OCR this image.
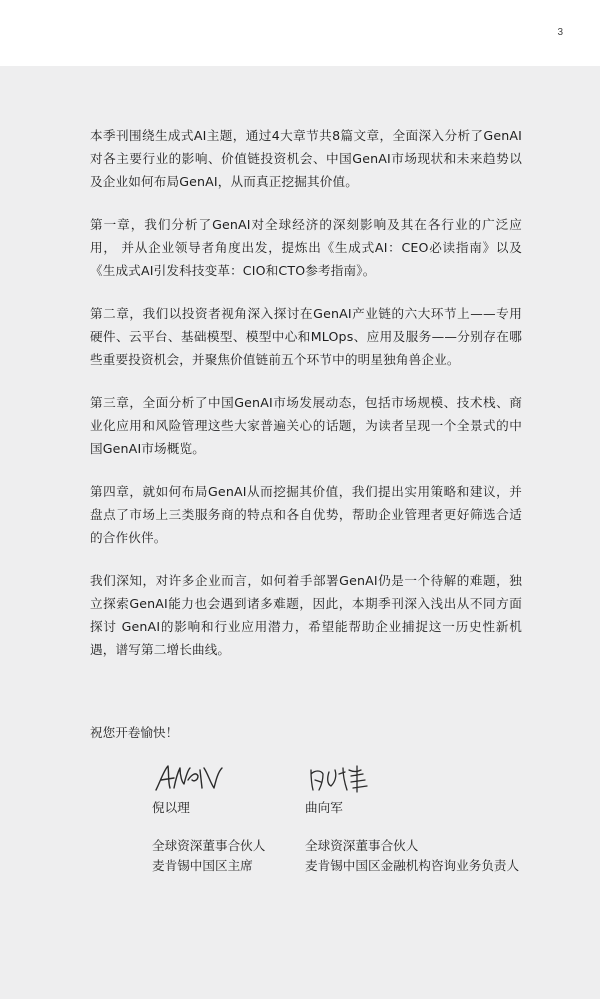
3

本季刊围绕生成式AI主题，通过4大章节共8篇文章，全面深入分析了GenAI对各主要行业的影响、价值链投资机会、中国GenAI市场现状和未来趋势以及企业如何布局GenAI，从而真正挖掘其价值。

第一章，我们分析了GenAI对全球经济的深刻影响及其在各行业的广泛应用， 并从企业领导者角度出发，提炼出《生成式AI：CEO必读指南》以及《生成式AI引发科技变革：CIO和CTO参考指南》。

第二章，我们以投资者视角深入探讨在GenAI产业链的六大环节上——专用硬件、云平台、基础模型、模型中心和MLOps、应用及服务——分别存在哪些重要投资机会，并聚焦价值链前五个环节中的明星独角兽企业。

第三章，全面分析了中国GenAI市场发展动态，包括市场规模、技术栈、商业化应用和风险管理这些大家普遍关心的话题，为读者呈现一个全景式的中国GenAI市场概览。

第四章，就如何布局GenAI从而挖掘其价值，我们提出实用策略和建议，并盘点了市场上三类服务商的特点和各自优势，帮助企业管理者更好筛选合适的合作伙伴。

我们深知，对许多企业而言，如何着手部署GenAI仍是一个待解的难题，独立探索GenAI能力也会遇到诸多难题，因此，本期季刊深入浅出从不同方面探讨 GenAI的影响和行业应用潜力，希望能帮助企业捕捉这一历史性新机遇，谱写第二增长曲线。

祝您开卷愉快！
倪以理
全球资深董事合伙人
麦肯锡中国区主席
曲向军
全球资深董事合伙人
麦肯锡中国区金融机构咨询业务负责人
